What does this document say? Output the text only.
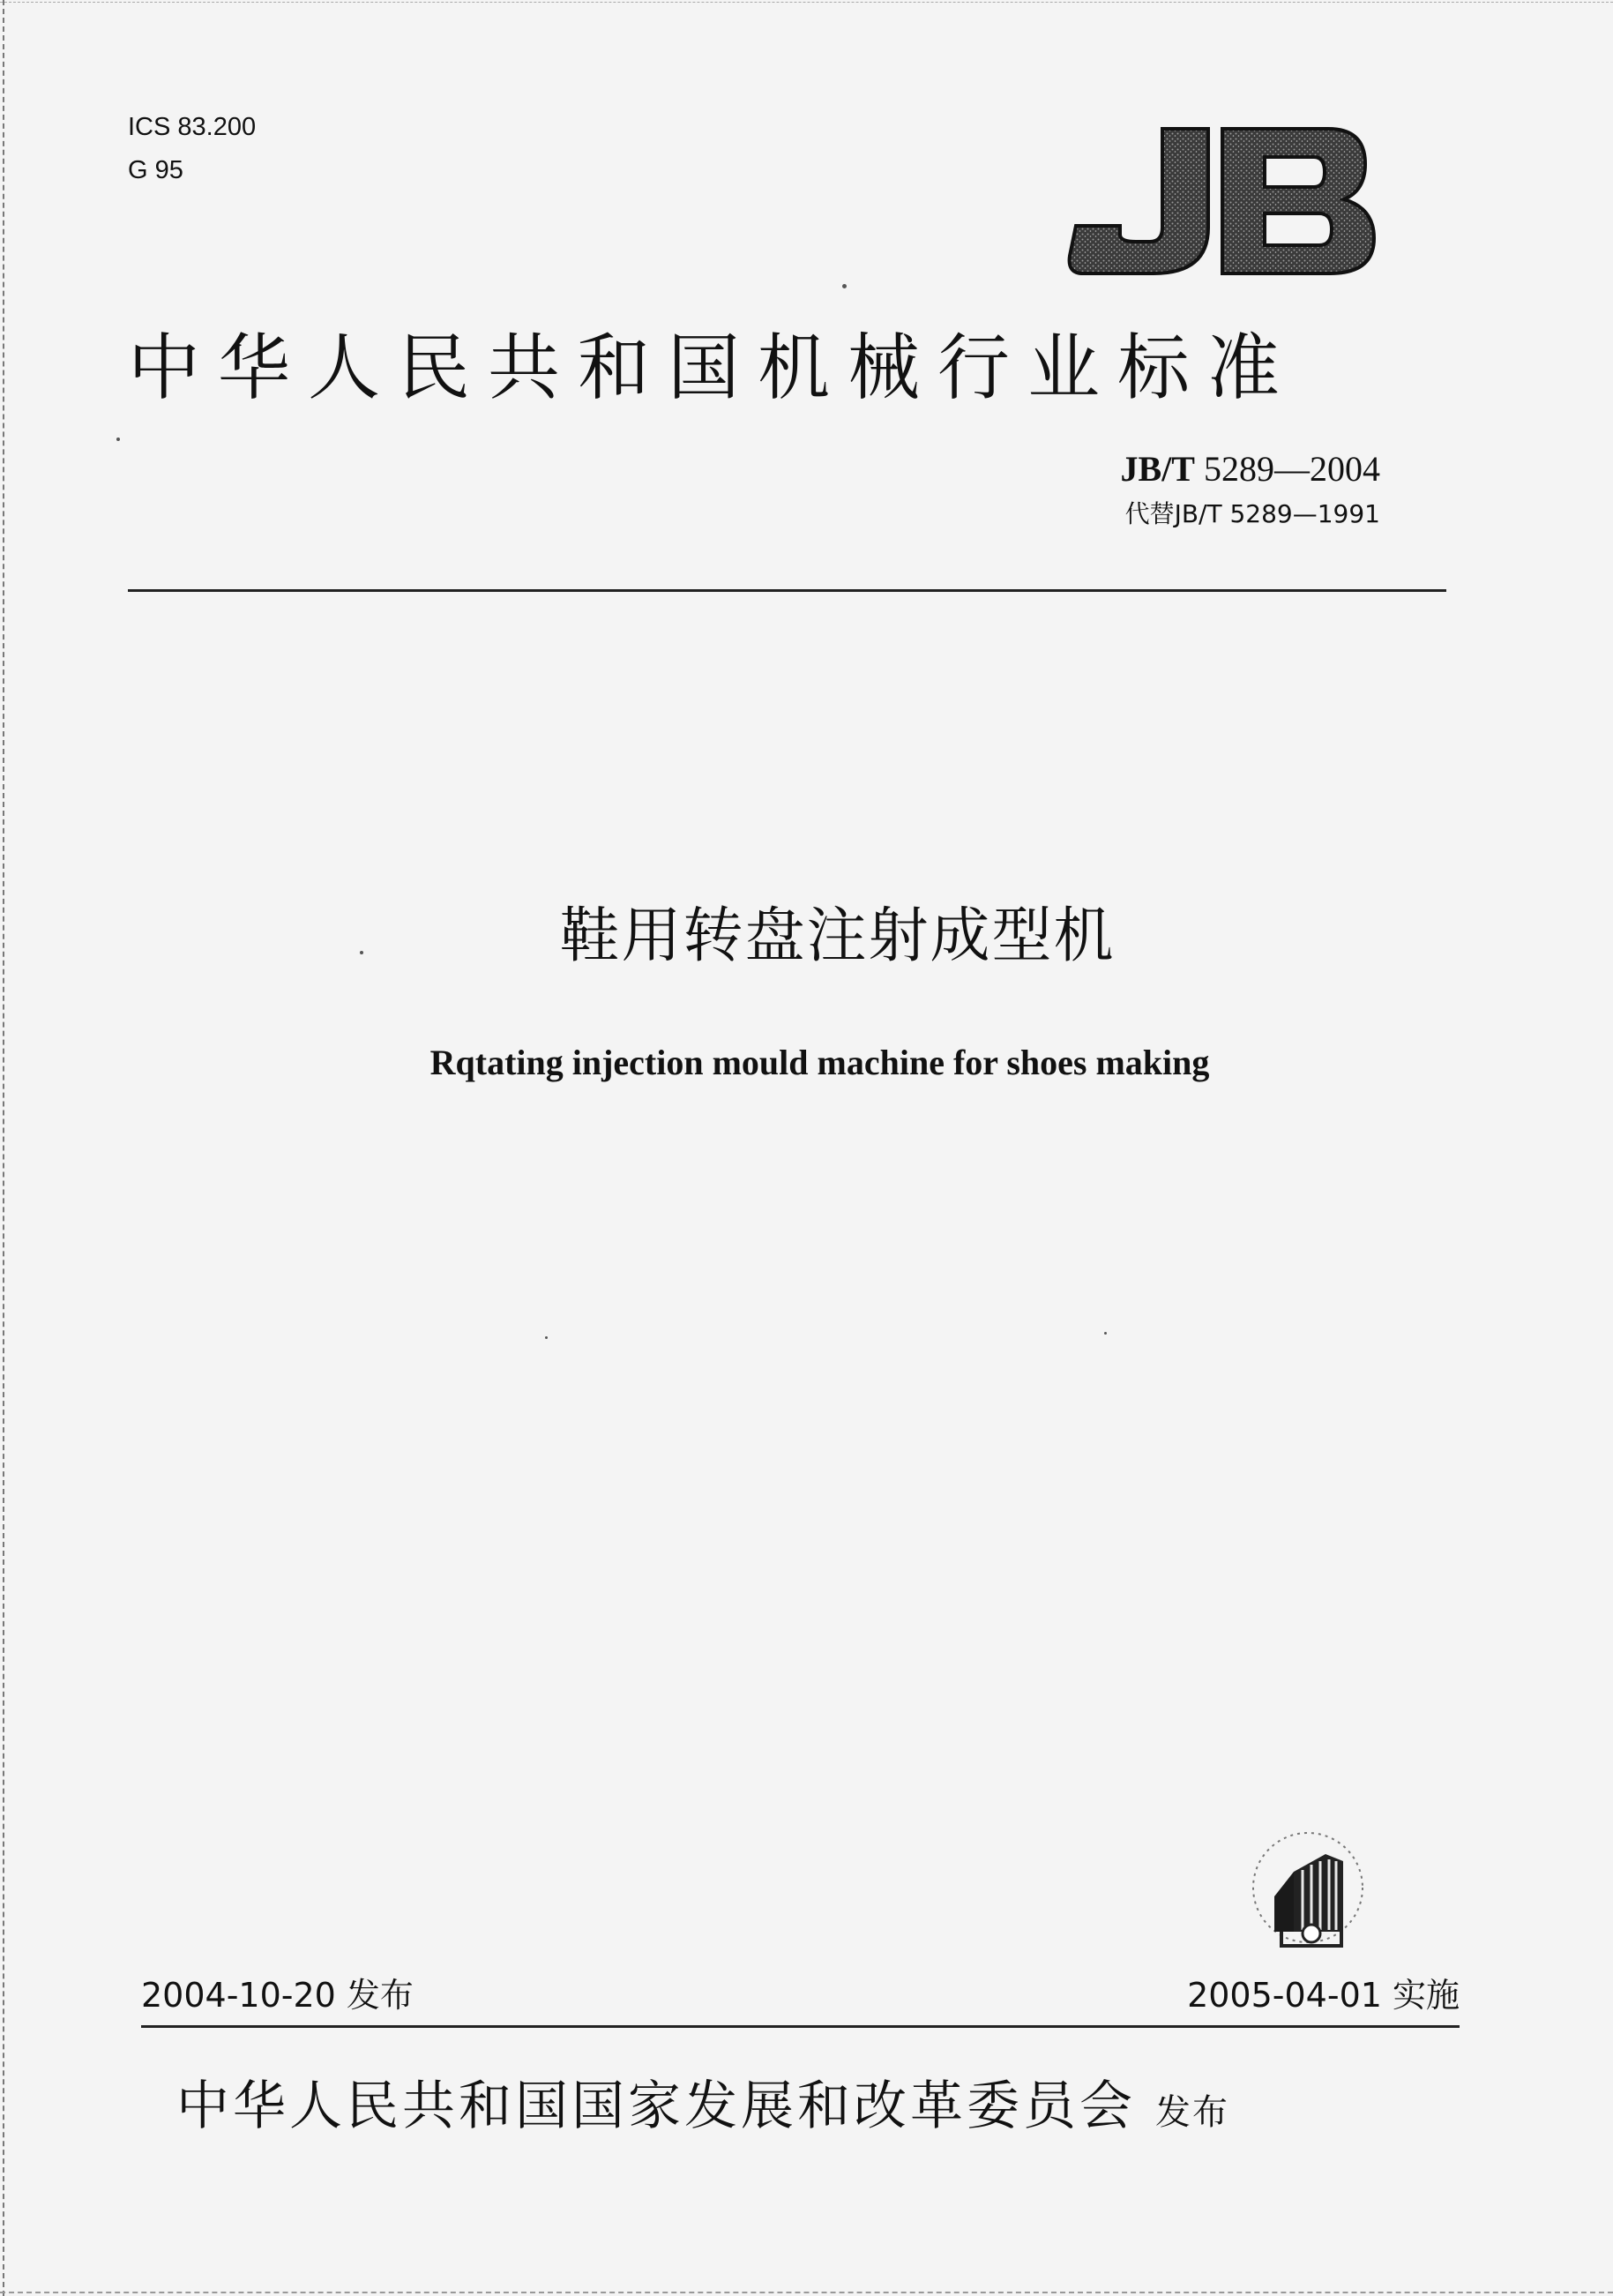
ICS 83.200
G 95
中华人民共和国机械行业标准
JB/T 5289—2004
代替JB/T 5289—1991
鞋用转盘注射成型机
Rqtating injection mould machine for shoes making
2004-10-20 发布	2005-04-01 实施
中华人民共和国国家发展和改革委员会 发布
